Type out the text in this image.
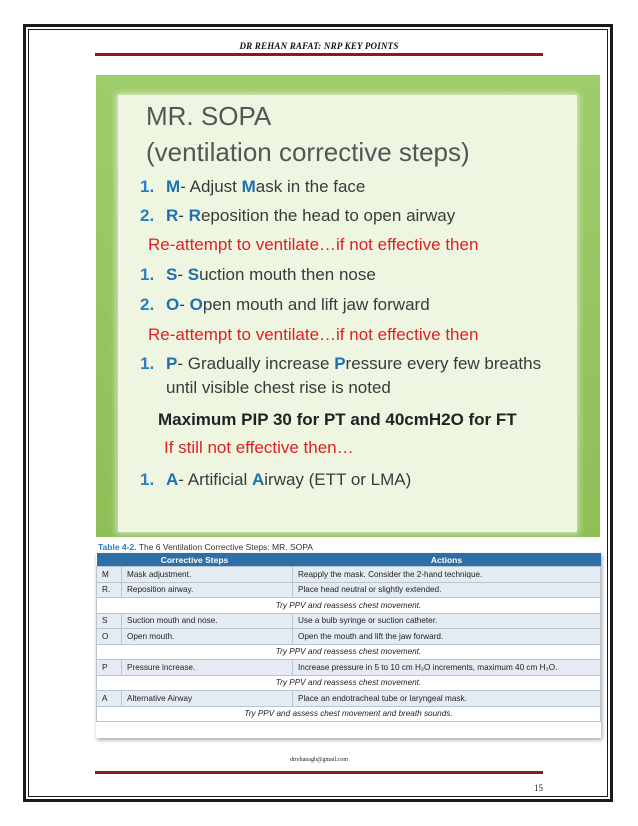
DR REHAN RAFAT: NRP KEY POINTS
MR. SOPA
(ventilation corrective steps)
1. M- Adjust Mask in the face
2. R- Reposition the head to open airway
Re-attempt to ventilate…if not effective then
1. S- Suction mouth then nose
2. O- Open mouth and lift jaw forward
Re-attempt to ventilate…if not effective then
1. P- Gradually increase Pressure every few breaths
until visible chest rise is noted
Maximum PIP 30 for PT and 40cmH2O for FT
If still not effective then…
1. A- Artificial Airway (ETT or LMA)
Table 4-2. The 6 Ventilation Corrective Steps: MR. SOPA
Corrective Steps		Actions
M	Mask adjustment.	Reapply the mask. Consider the 2-hand technique.
R.	Reposition airway.	Place head neutral or slightly extended.
Try PPV and reassess chest movement.		
S	Suction mouth and nose.	Use a bulb syringe or suction catheter.
O	Open mouth.	Open the mouth and lift the jaw forward.
Try PPV and reassess chest movement.		
P	Pressure increase.	Increase pressure in 5 to 10 cm H₂O increments, maximum 40 cm H₂O.
Try PPV and reassess chest movement.		
A	Alternative Airway	Place an endotracheal tube or laryngeal mask.
Try PPV and assess chest movement and breath sounds.		
drrehanagh@gmail.com
15
